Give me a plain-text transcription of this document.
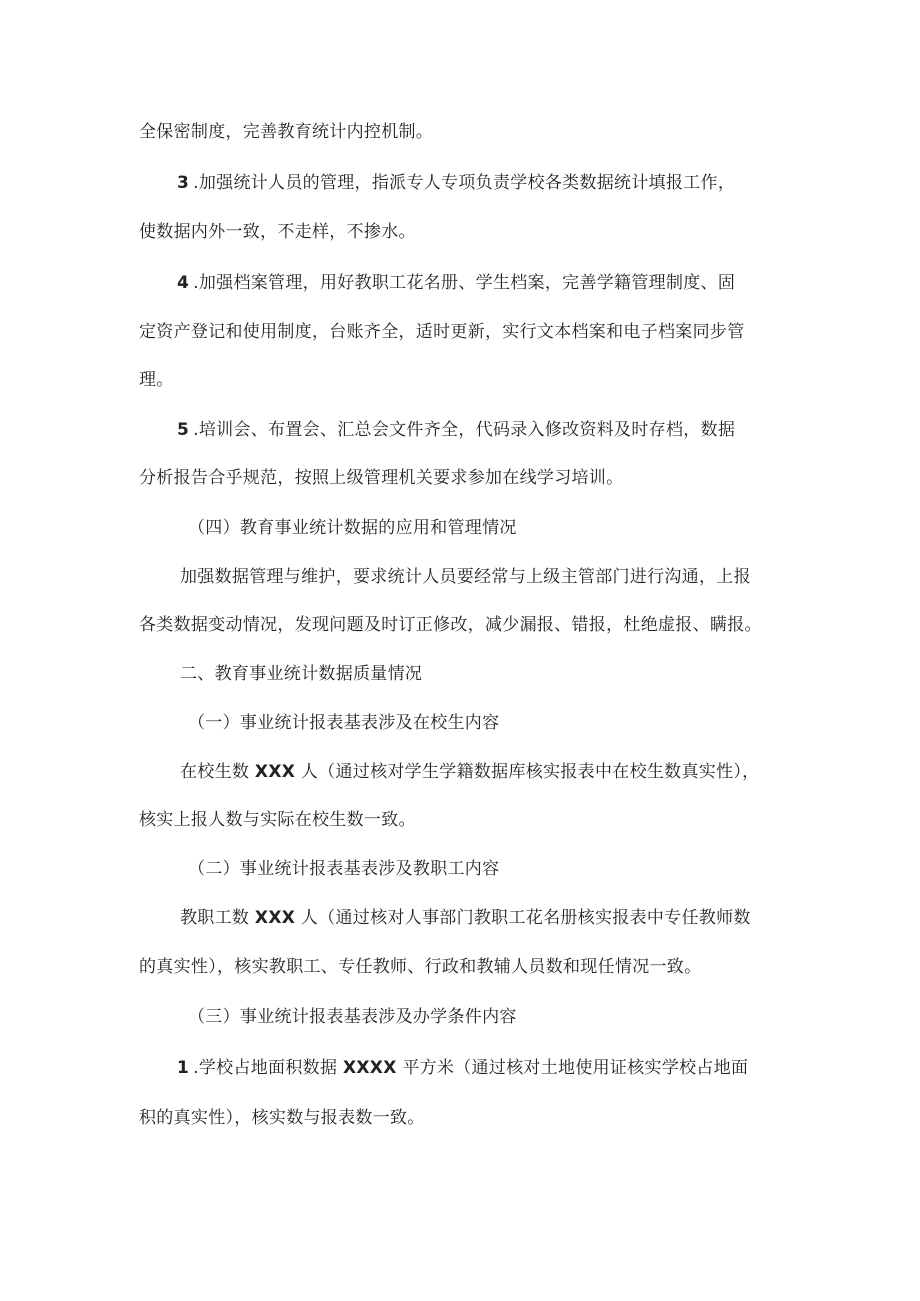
全保密制度，完善教育统计内控机制。
3 .加强统计人员的管理，指派专人专项负责学校各类数据统计填报工作，
使数据内外一致，不走样，不掺水。
4 .加强档案管理，用好教职工花名册、学生档案，完善学籍管理制度、固
定资产登记和使用制度，台账齐全，适时更新，实行文本档案和电子档案同步管
理。
5 .培训会、布置会、汇总会文件齐全，代码录入修改资料及时存档，数据
分析报告合乎规范，按照上级管理机关要求参加在线学习培训。
（四）教育事业统计数据的应用和管理情况
加强数据管理与维护，要求统计人员要经常与上级主管部门进行沟通，上报
各类数据变动情况，发现问题及时订正修改，减少漏报、错报，杜绝虚报、瞒报。
二、教育事业统计数据质量情况
（一）事业统计报表基表涉及在校生内容
在校生数 XXX 人（通过核对学生学籍数据库核实报表中在校生数真实性），
核实上报人数与实际在校生数一致。
（二）事业统计报表基表涉及教职工内容
教职工数 XXX 人（通过核对人事部门教职工花名册核实报表中专任教师数
的真实性），核实教职工、专任教师、行政和教辅人员数和现任情况一致。
（三）事业统计报表基表涉及办学条件内容
1 .学校占地面积数据 XXXX 平方米（通过核对土地使用证核实学校占地面
积的真实性），核实数与报表数一致。
